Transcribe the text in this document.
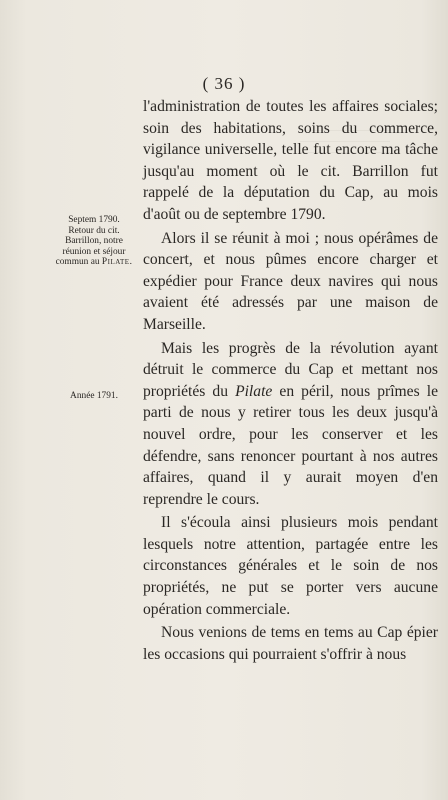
( 36 )
Septem 1790.
Retour du cit. Barrillon, notre réunion et séjour commun au Pilate.
Année 1791.

l'administration de toutes les affaires sociales; soin des habitations, soins du commerce, vigilance universelle, telle fut encore ma tâche jusqu'au moment où le cit. Barrillon fut rappelé de la députation du Cap, au mois d'août ou de septembre 1790.

Alors il se réunit à moi ; nous opérâmes de concert, et nous pûmes encore charger et expédier pour France deux navires qui nous avaient été adressés par une maison de Marseille.

Mais les progrès de la révolution ayant détruit le commerce du Cap et mettant nos propriétés du Pilate en péril, nous prîmes le parti de nous y retirer tous les deux jusqu'à nouvel ordre, pour les conserver et les défendre, sans renoncer pourtant à nos autres affaires, quand il y aurait moyen d'en reprendre le cours.

Il s'écoula ainsi plusieurs mois pendant lesquels notre attention, partagée entre les circonstances générales et le soin de nos propriétés, ne put se porter vers aucune opération commerciale.

Nous venions de tems en tems au Cap épier les occasions qui pourraient s'offrir à nous
